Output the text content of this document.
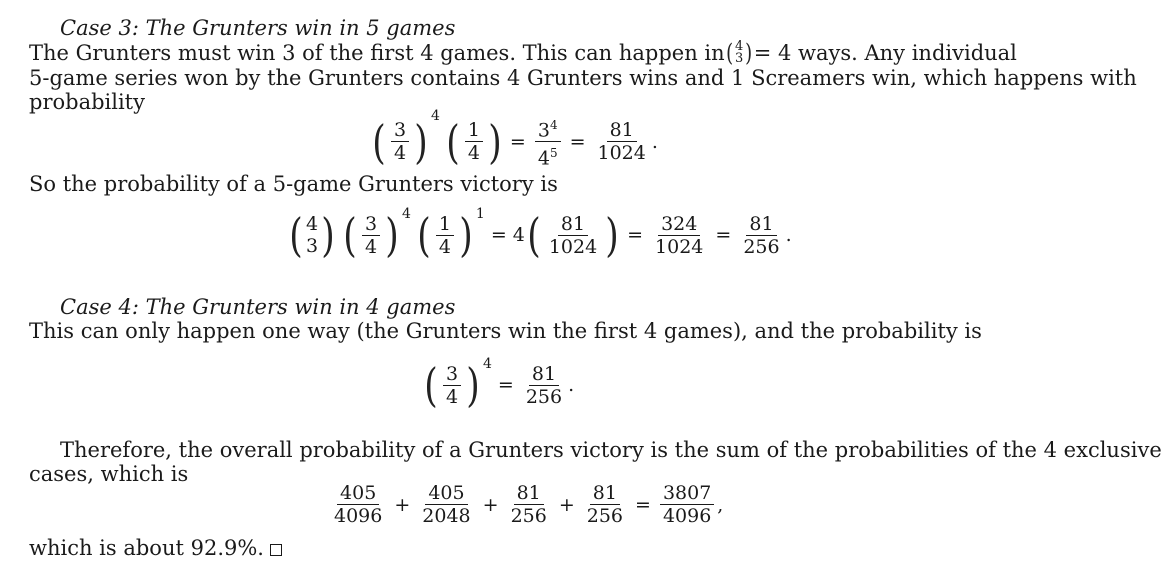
Case 3: The Grunters win in 5 games
The Grunters must win 3 of the first 4 games. This can happen in ( 4
3 ) = 4 ways. Any individual
5-game series won by the Grunters contains 4 Grunters wins and 1 Screamers win, which happens with
probability
( $\frac{3}{4}$ ) 4 ( $\frac{1}{4}$ ) = $\frac{3^4}{4^5} = \frac{81}{1024}$ .
So the probability of a 5-game Grunters victory is
( 4
3 ) ( $\frac{3}{4}$ ) 4 ( $\frac{1}{4}$ ) 1
= 4 ( $\frac{81}{1024}$ ) = $\frac{324}{1024} = \frac{81}{256}$ .
Case 4: The Grunters win in 4 games
This can only happen one way (the Grunters win the first 4 games), and the probability is
( $\frac{3}{4}$ ) 4
= $\frac{81}{256}$ .
Therefore, the overall probability of a Grunters victory is the sum of the probabilities of the 4 exclusive
cases, which is
$\frac{405}{4096} + \frac{405}{2048} + \frac{81}{256} + \frac{81}{256} = \frac{3807}{4096}$ ,
which is about 92.9%.
